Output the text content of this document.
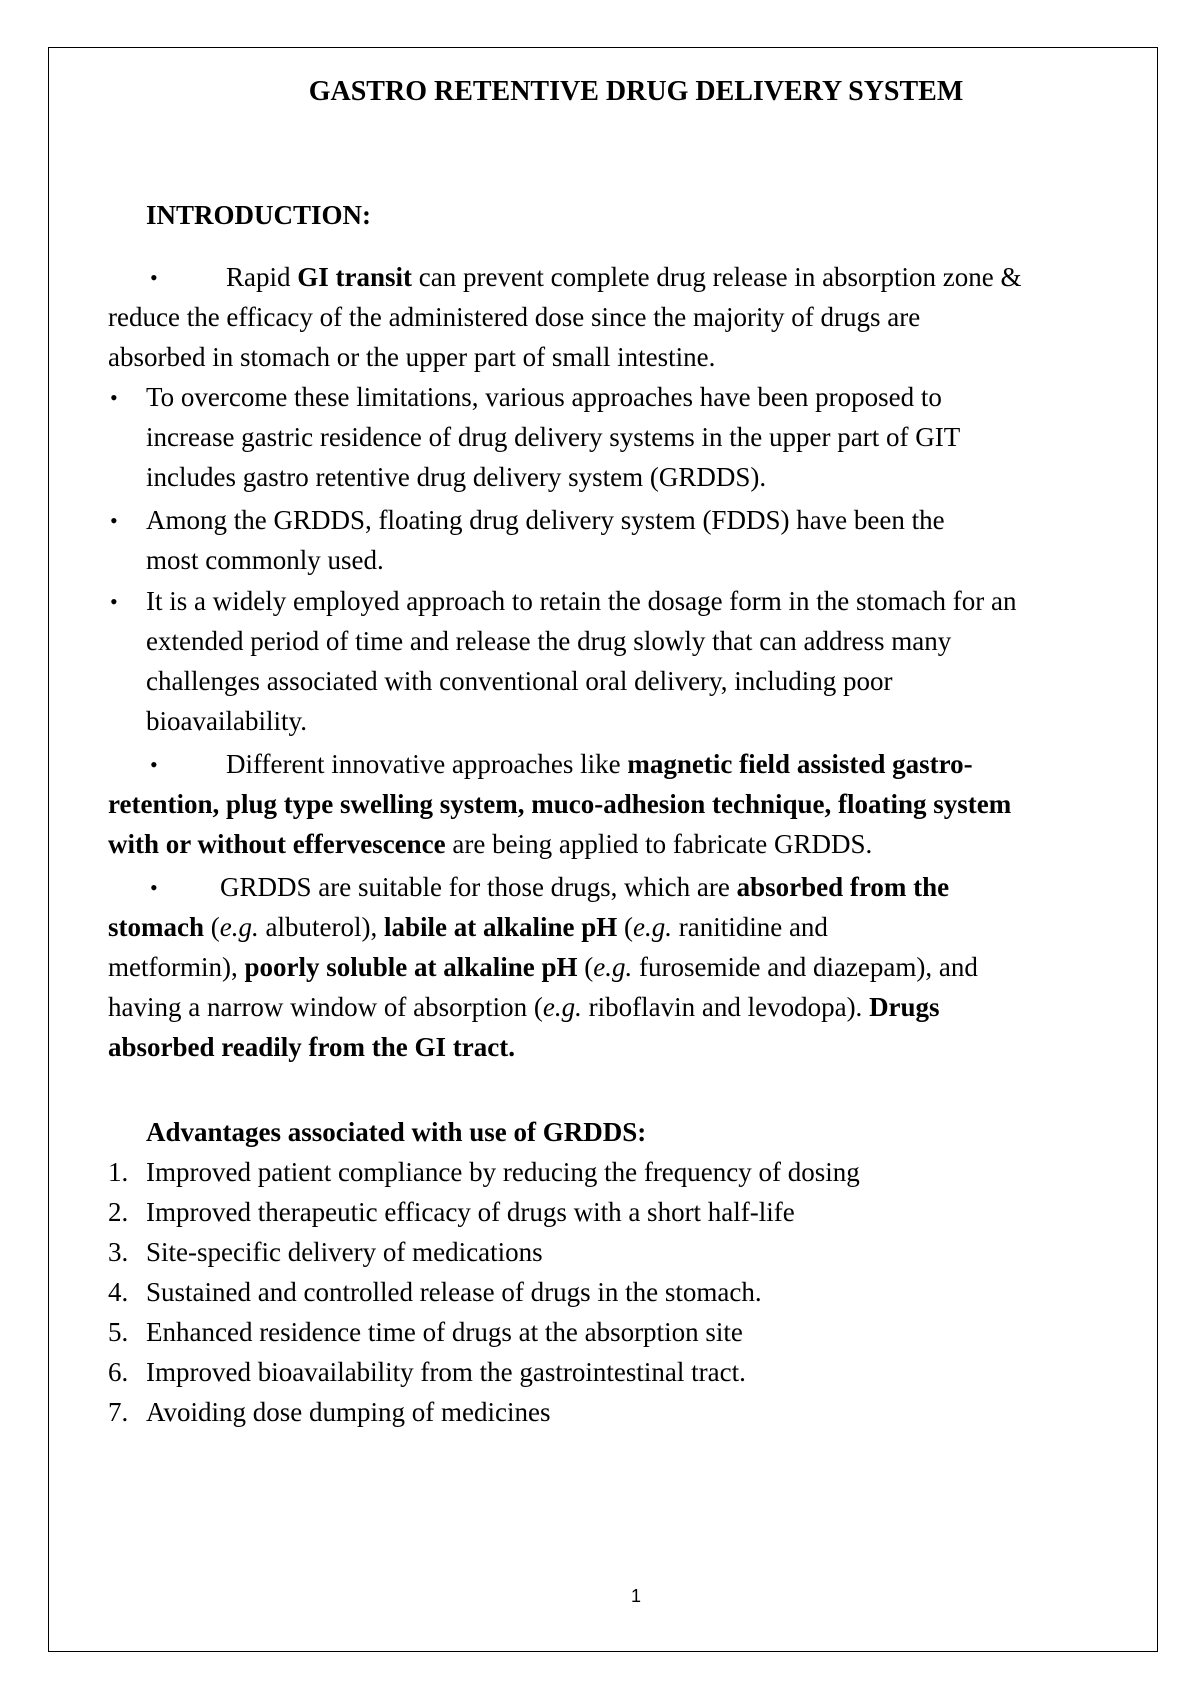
GASTRO RETENTIVE DRUG DELIVERY SYSTEM
INTRODUCTION:
•	Rapid GI transit can prevent complete drug release in absorption zone &
reduce the efficacy of the administered dose since the majority of drugs are
absorbed in stomach or the upper part of small intestine.
• To overcome these limitations, various approaches have been proposed to
increase gastric residence of drug delivery systems in the upper part of GIT
includes gastro retentive drug delivery system (GRDDS).
• Among the GRDDS, floating drug delivery system (FDDS) have been the
most commonly used.
• It is a widely employed approach to retain the dosage form in the stomach for an
extended period of time and release the drug slowly that can address many
challenges associated with conventional oral delivery, including poor
bioavailability.
•	Different innovative approaches like magnetic field assisted gastro-
retention, plug type swelling system, muco-adhesion technique, floating system
with or without effervescence are being applied to fabricate GRDDS.
• GRDDS are suitable for those drugs, which are absorbed from the
stomach (e.g. albuterol), labile at alkaline pH (e.g. ranitidine and
metformin), poorly soluble at alkaline pH (e.g. furosemide and diazepam), and
having a narrow window of absorption (e.g. riboflavin and levodopa). Drugs
absorbed readily from the GI tract.
Advantages associated with use of GRDDS:
1. Improved patient compliance by reducing the frequency of dosing
2. Improved therapeutic efficacy of drugs with a short half-life
3. Site-specific delivery of medications
4. Sustained and controlled release of drugs in the stomach.
5. Enhanced residence time of drugs at the absorption site
6. Improved bioavailability from the gastrointestinal tract.
7. Avoiding dose dumping of medicines
1
